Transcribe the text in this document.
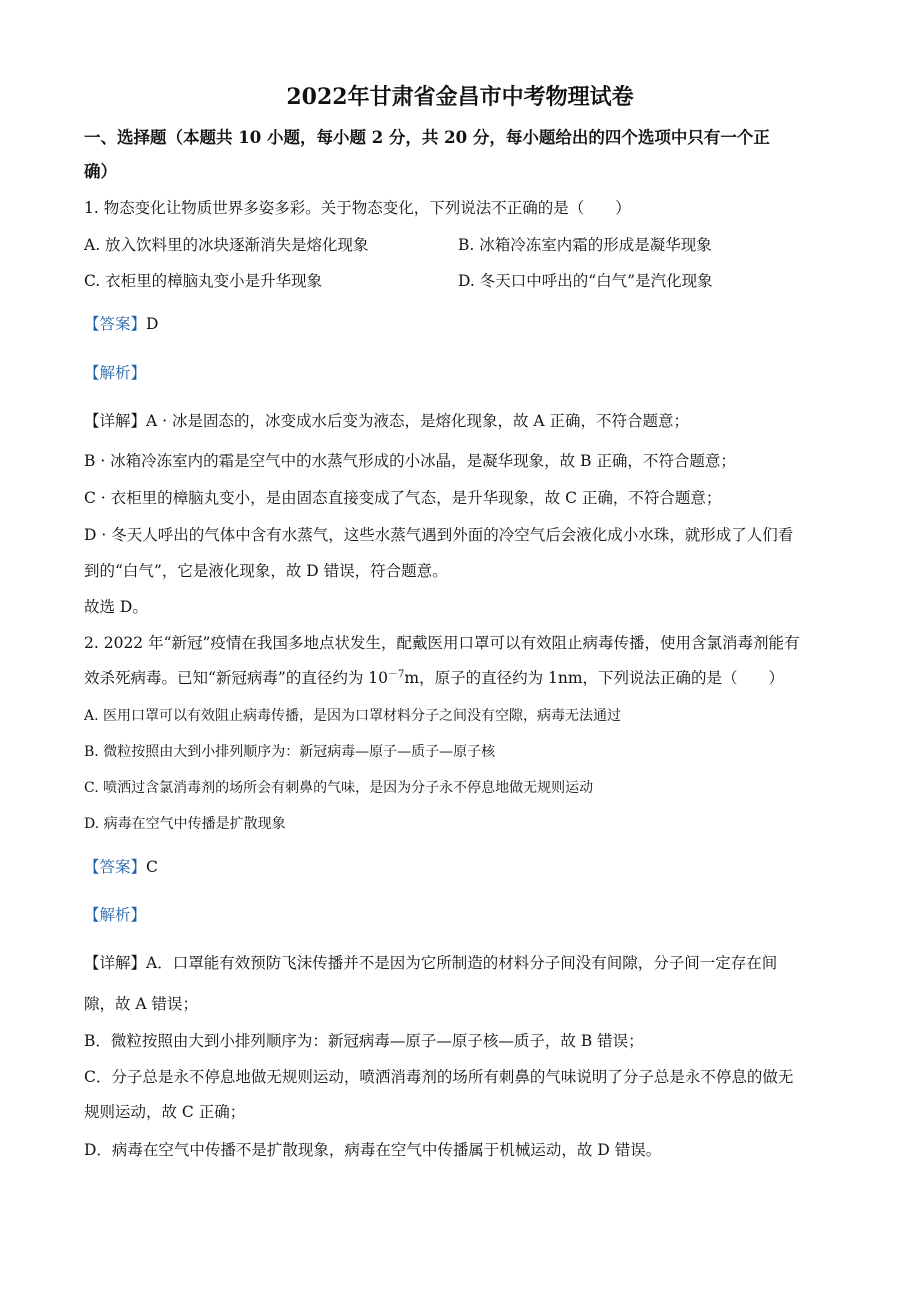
2022年甘肃省金昌市中考物理试卷
一、选择题（本题共 10 小题，每小题 2 分，共 20 分，每小题给出的四个选项中只有一个正
确）
1. 物态变化让物质世界多姿多彩。关于物态变化，下列说法不正确的是（　　）
A. 放入饮料里的冰块逐渐消失是熔化现象	B. 冰箱冷冻室内霜的形成是凝华现象
C. 衣柜里的樟脑丸变小是升华现象	D. 冬天口中呼出的“白气”是汽化现象
【答案】D
【解析】
【详解】A · 冰是固态的，冰变成水后变为液态，是熔化现象，故 A 正确，不符合题意；
B · 冰箱冷冻室内的霜是空气中的水蒸气形成的小冰晶，是凝华现象，故 B 正确，不符合题意；
C · 衣柜里的樟脑丸变小，是由固态直接变成了气态，是升华现象，故 C 正确，不符合题意；
D · 冬天人呼出的气体中含有水蒸气，这些水蒸气遇到外面的冷空气后会液化成小水珠，就形成了人们看
到的“白气”，它是液化现象，故 D 错误，符合题意。
故选 D。
2. 2022 年“新冠”疫情在我国多地点状发生，配戴医用口罩可以有效阻止病毒传播，使用含氯消毒剂能有
效杀死病毒。已知“新冠病毒”的直径约为 $10^{-7}m$，原子的直径约为 1nm，下列说法正确的是（　　）
A. 医用口罩可以有效阻止病毒传播，是因为口罩材料分子之间没有空隙，病毒无法通过
B. 微粒按照由大到小排列顺序为：新冠病毒—原子—质子—原子核
C. 喷洒过含氯消毒剂的场所会有刺鼻的气味，是因为分子永不停息地做无规则运动
D. 病毒在空气中传播是扩散现象
【答案】C
【解析】
【详解】A．口罩能有效预防飞沫传播并不是因为它所制造的材料分子间没有间隙，分子间一定存在间
隙，故 A 错误；
B．微粒按照由大到小排列顺序为：新冠病毒—原子—原子核—质子，故 B 错误；
C．分子总是永不停息地做无规则运动，喷洒消毒剂的场所有刺鼻的气味说明了分子总是永不停息的做无
规则运动，故 C 正确；
D．病毒在空气中传播不是扩散现象，病毒在空气中传播属于机械运动，故 D 错误。
